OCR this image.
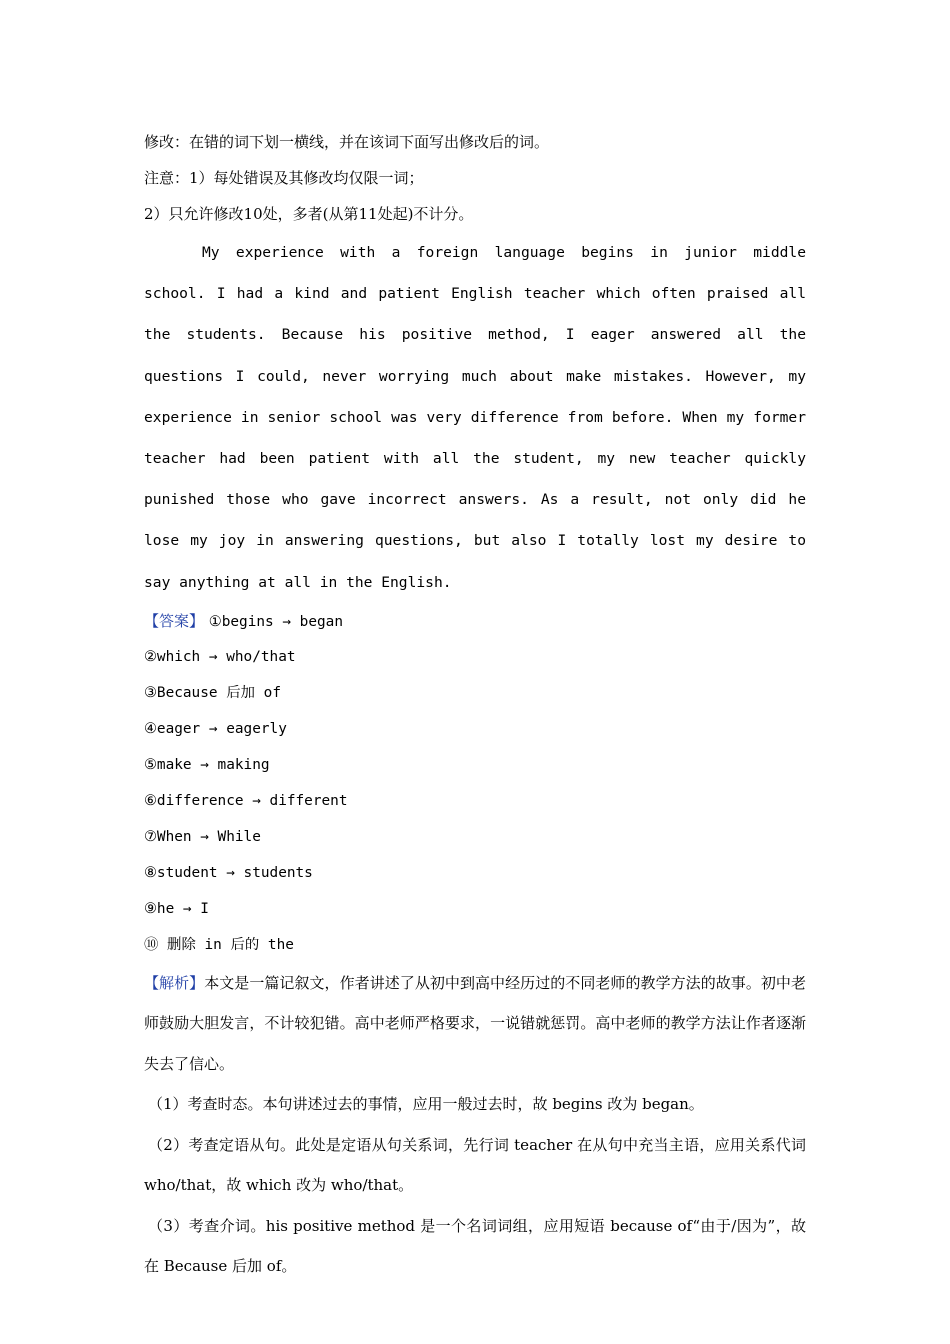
修改：在错的词下划一横线，并在该词下面写出修改后的词。
注意：1）每处错误及其修改均仅限一词；
2）只允许修改10处，多者(从第11处起)不计分。

My experience with a foreign language begins in junior middle school. I had a kind and patient English teacher which often praised all the students. Because his positive method, I eager answered all the questions I could, never worrying much about make mistakes. However, my experience in senior school was very difference from before. When my former teacher had been patient with all the student, my new teacher quickly punished those who gave incorrect answers. As a result, not only did he lose my joy in answering questions, but also I totally lost my desire to say anything at all in the English.

【答案】 ①begins → began
②which → who/that
③Because 后加 of
④eager → eagerly
⑤make → making
⑥difference → different
⑦When → While
⑧student → students
⑨he → I
⑩ 删除 in 后的 the

【解析】本文是一篇记叙文，作者讲述了从初中到高中经历过的不同老师的教学方法的故事。初中老师鼓励大胆发言，不计较犯错。高中老师严格要求，一说错就惩罚。高中老师的教学方法让作者逐渐失去了信心。

（1）考查时态。本句讲述过去的事情，应用一般过去时，故 begins 改为 began。

（2）考查定语从句。此处是定语从句关系词，先行词 teacher 在从句中充当主语，应用关系代词 who/that，故 which 改为 who/that。

（3）考查介词。his positive method 是一个名词词组，应用短语 because of“由于/因为”，故在 Because 后加 of。
